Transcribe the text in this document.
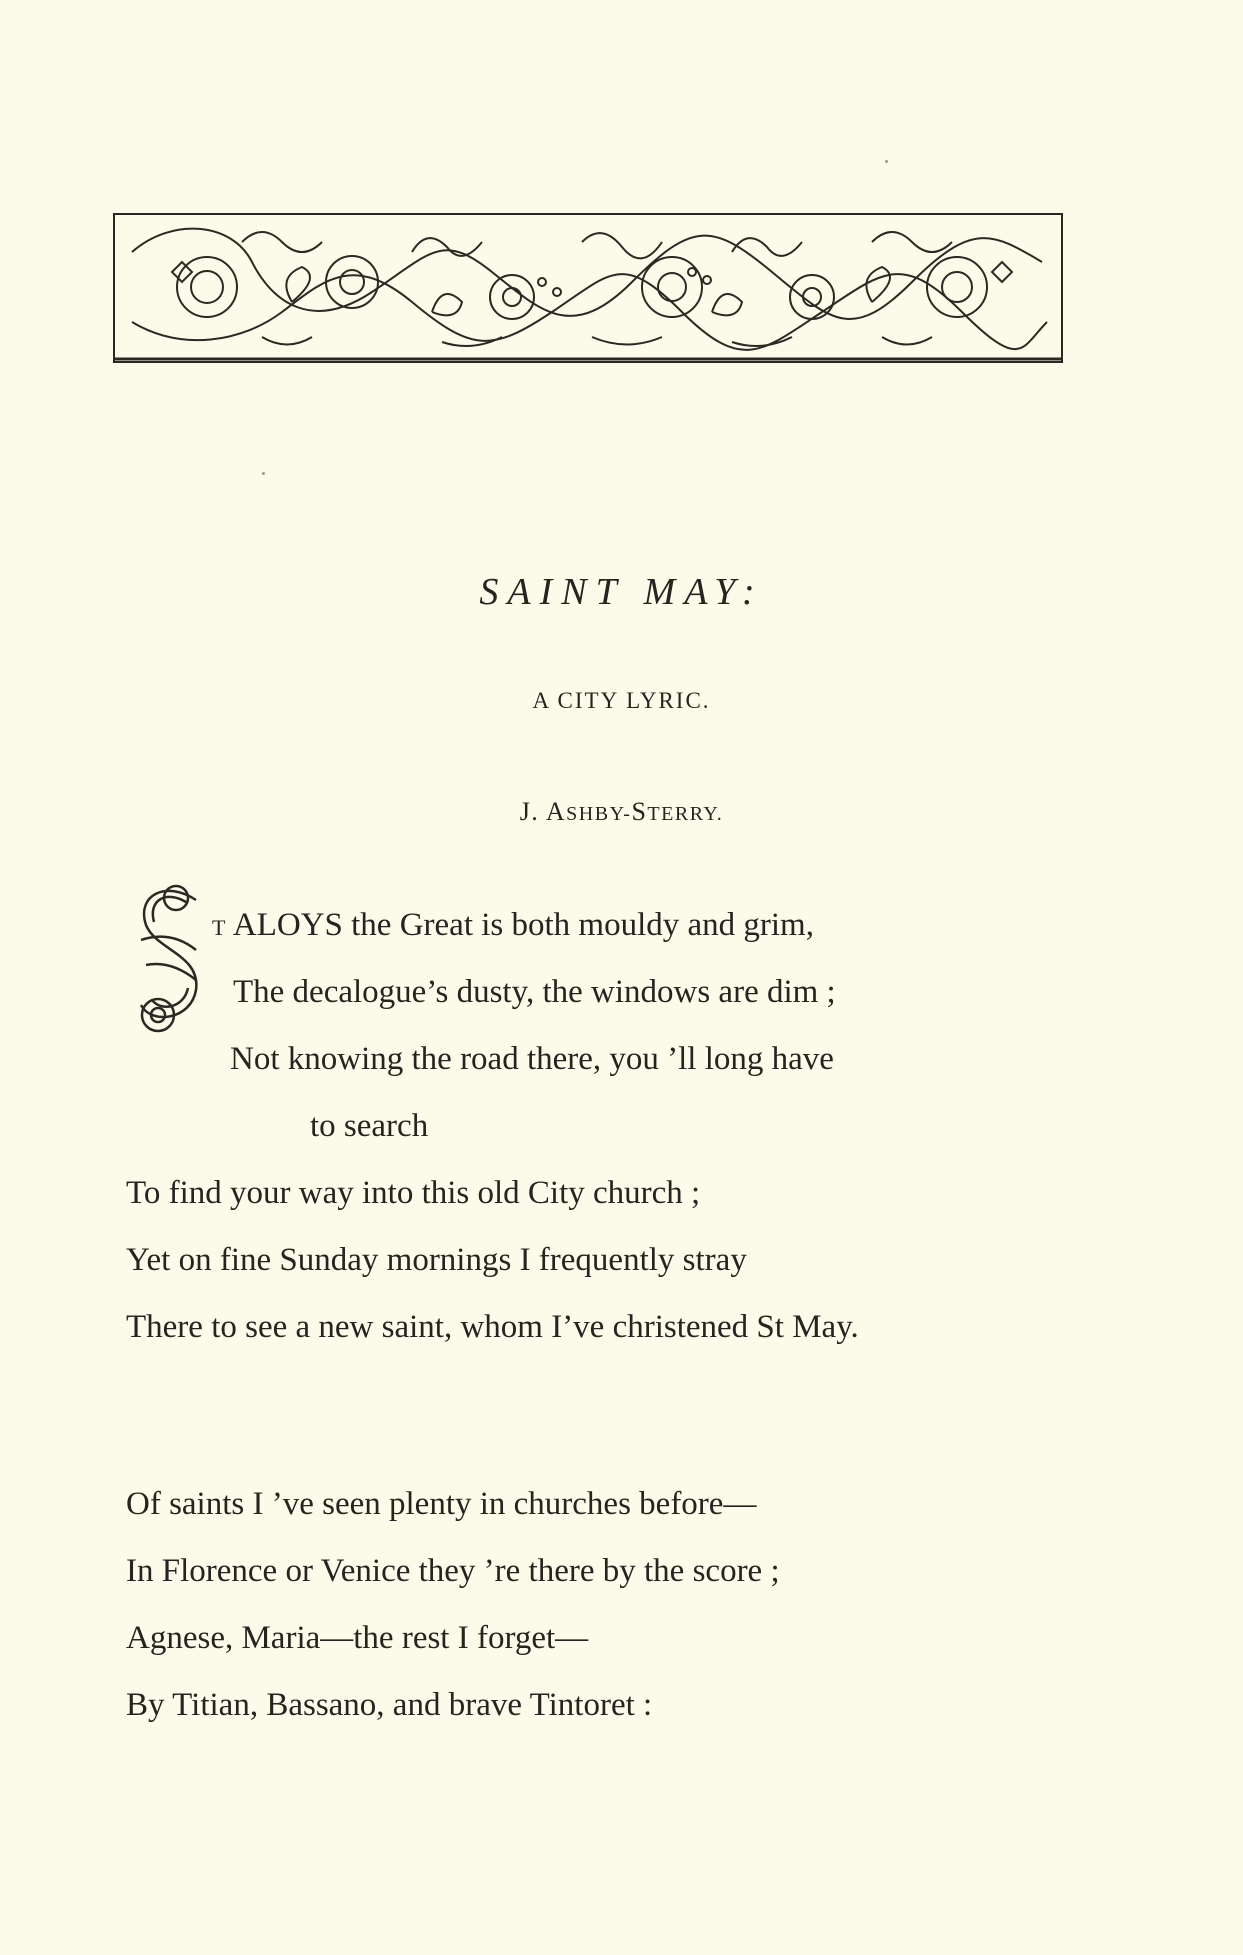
SAINT MAY:
A CITY LYRIC.
J. ASHBY-STERRY.
S
T ALOYS the Great is both mouldy and grim,
The decalogue’s dusty, the windows are dim ;
Not knowing the road there, you ’ll long have
to search
To find your way into this old City church ;
Yet on fine Sunday mornings I frequently stray
There to see a new saint, whom I’ve christened St May.
Of saints I ’ve seen plenty in churches before—
In Florence or Venice they ’re there by the score ;
Agnese, Maria—the rest I forget—
By Titian, Bassano, and brave Tintoret :
